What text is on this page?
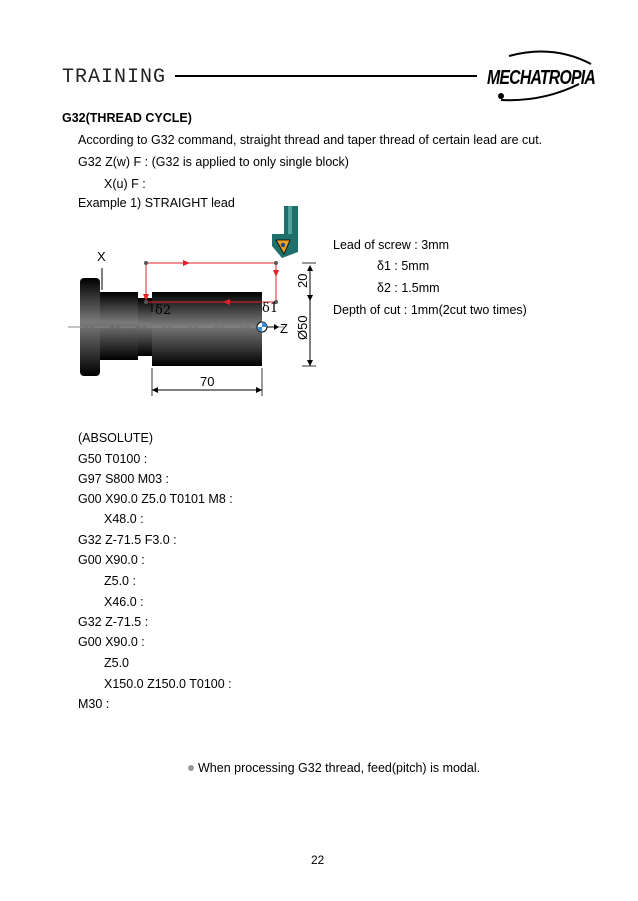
TRAINING	MECHATROPIA
G32(THREAD CYCLE)
According to G32 command, straight thread and taper thread of certain lead are cut.
G32 Z(w) F : (G32 is applied to only single block)
X(u) F :
Example 1) STRAIGHT lead
X
Z
δ2	δ1
20
Ø50
70
Lead of screw : 3mm
δ1 : 5mm
δ2 : 1.5mm
Depth of cut : 1mm(2cut two times)
(ABSOLUTE)
G50 T0100 :
G97 S800 M03 :
G00 X90.0 Z5.0 T0101 M8 :
X48.0 :
G32 Z-71.5 F3.0 :
G00 X90.0 :
Z5.0 :
X46.0 :
G32 Z-71.5 :
G00 X90.0 :
Z5.0
X150.0 Z150.0 T0100 :
M30 :
When processing G32 thread, feed(pitch) is modal.
22
